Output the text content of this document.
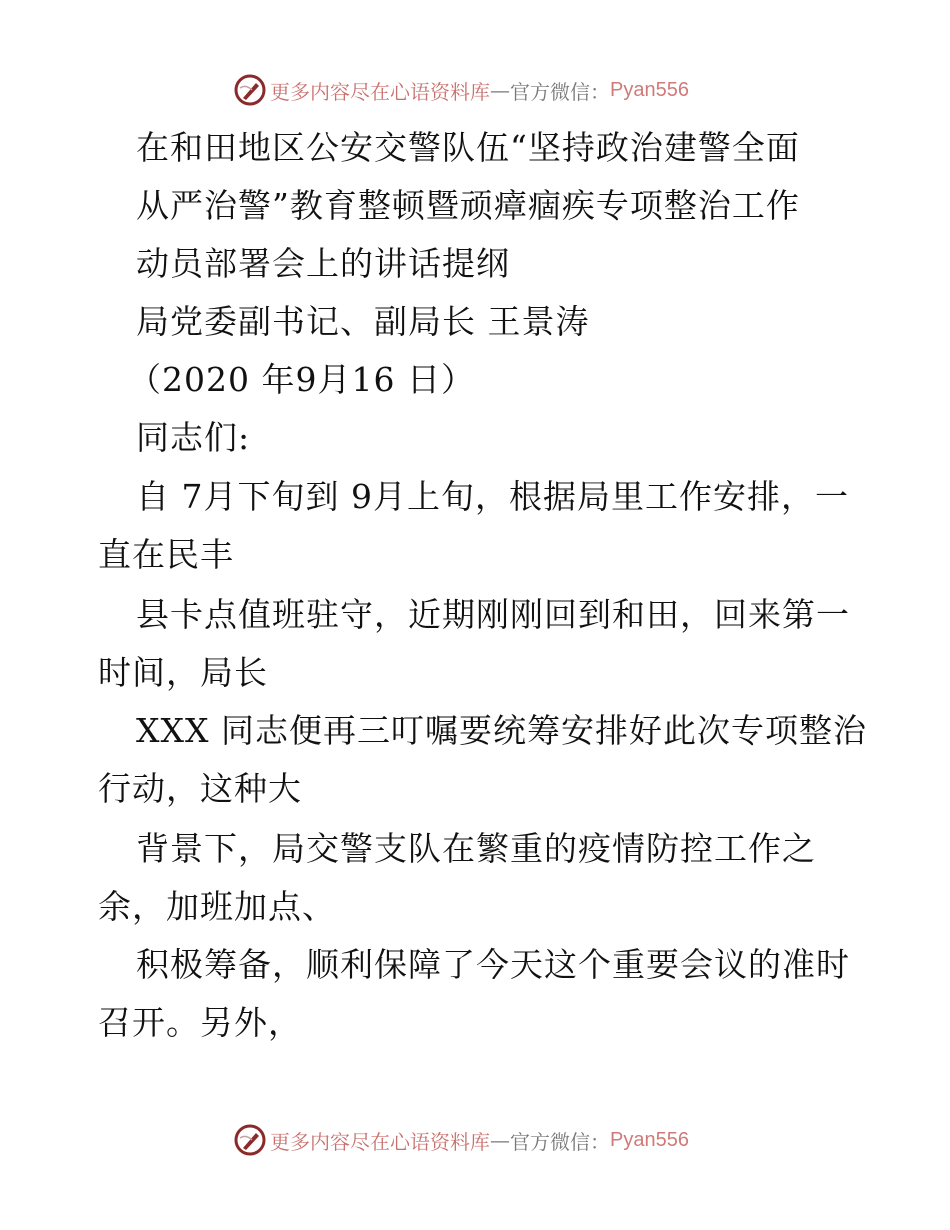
更多内容尽在心语资料库 — 官方微信： Pyan556
在和田地区公安交警队伍“坚持政治建警全面
从严治警”教育整顿暨顽瘴痼疾专项整治工作
动员部署会上的讲话提纲
局党委副书记、副局长 王景涛
（2020 年9月16 日）
同志们:
自 7月下旬到 9月上旬，根据局里工作安排，一
直在民丰
县卡点值班驻守，近期刚刚回到和田，回来第一
时间，局长
XXX 同志便再三叮嘱要统筹安排好此次专项整治
行动，这种大
背景下，局交警支队在繁重的疫情防控工作之
余，加班加点、
积极筹备，顺利保障了今天这个重要会议的准时
召开。另外，
更多内容尽在心语资料库 — 官方微信： Pyan556
